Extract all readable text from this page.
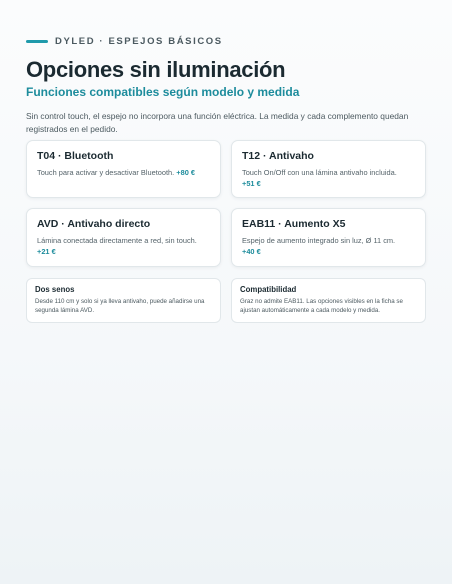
DYLED · ESPEJOS BÁSICOS
Opciones sin iluminación
Funciones compatibles según modelo y medida

Sin control touch, el espejo no incorpora una función eléctrica. La medida y cada complemento quedan registrados en el pedido.

T04 · Bluetooth
Touch para activar y desactivar Bluetooth. +80 €
T12 · Antivaho
Touch On/Off con una lámina antivaho incluida.
+51 €
AVD · Antivaho directo
Lámina conectada directamente a red, sin touch.
+21 €
EAB11 · Aumento X5
Espejo de aumento integrado sin luz, Ø 11 cm.
+40 €
Dos senos
Desde 110 cm y solo si ya lleva antivaho, puede añadirse una segunda lámina AVD.
Compatibilidad
Graz no admite EAB11. Las opciones visibles en la ficha se ajustan automáticamente a cada modelo y medida.
